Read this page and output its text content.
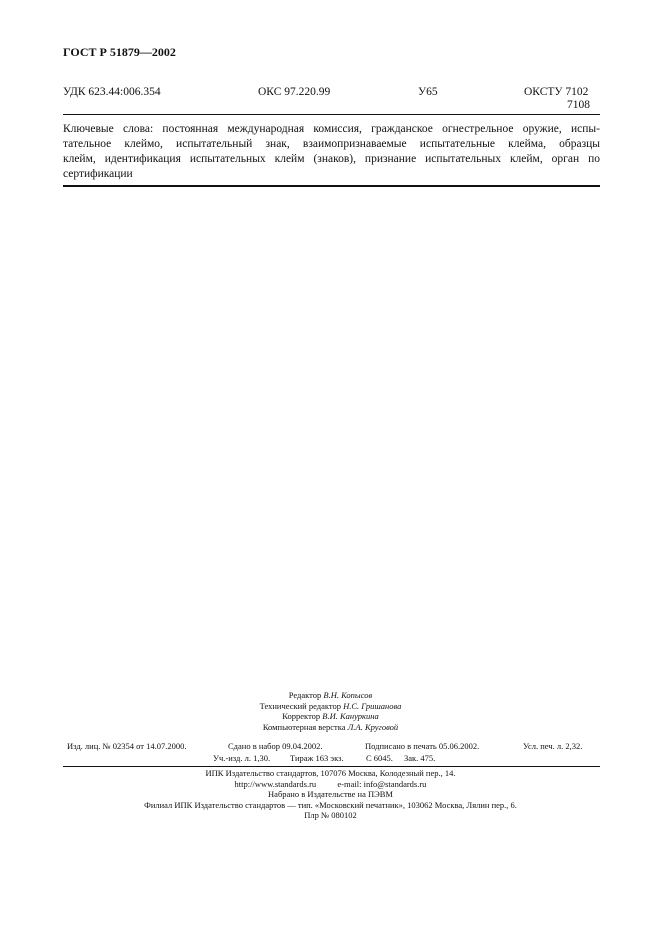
ГОСТ Р 51879—2002
УДК 623.44:006.354	ОКС 97.220.99	У65	ОКСТУ 7102
7108
Ключевые слова: постоянная международная комиссия, гражданское огнестрельное оружие, испы-
тательное клеймо, испытательный знак, взаимопризнаваемые испытательные клейма, образцы
клейм, идентификация испытательных клейм (знаков), признание испытательных клейм, орган по
сертификации
Редактор В.Н. Копысов
Технический редактор Н.С. Гришанова
Корректор В.И. Кануркина
Компьютерная верстка Л.А. Круговой
Изд. лиц. № 02354 от 14.07.2000.	Сдано в набор 09.04.2002.	Подписано в печать 05.06.2002.	Усл. печ. л. 2,32.
Уч.-изд. л. 1,30. Тираж 163 экз.	С 6045. Зак. 475.
ИПК Издательство стандартов, 107076 Москва, Колодезный пер., 14.
http://www.standards.ru	e-mail: info@standards.ru
Набрано в Издательстве на ПЭВМ
Филиал ИПК Издательство стандартов — тип. «Московский печатник», 103062 Москва, Лялин пер., 6.
Плр № 080102
